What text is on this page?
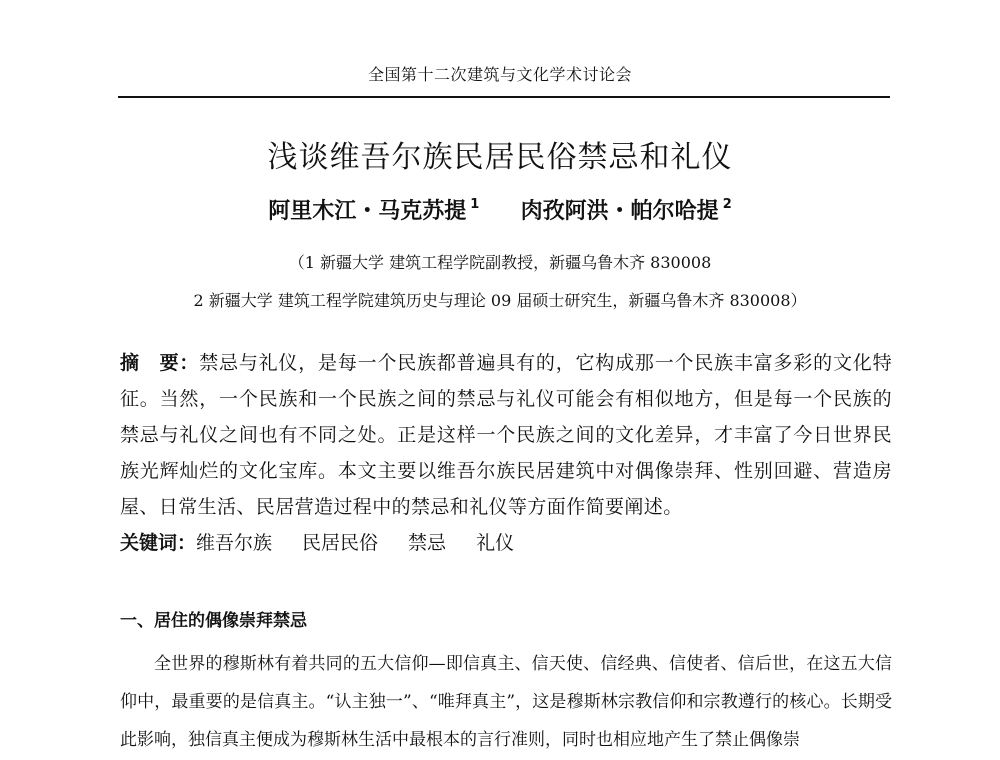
全国第十二次建筑与文化学术讨论会
浅谈维吾尔族民居民俗禁忌和礼仪
阿里木江・马克苏提 $^1$ 肉孜阿洪・帕尔哈提 $^2$
（1 新疆大学 建筑工程学院副教授，新疆乌鲁木齐 830008
2 新疆大学 建筑工程学院建筑历史与理论 09 届硕士研究生，新疆乌鲁木齐 830008）
摘　要：禁忌与礼仪，是每一个民族都普遍具有的，它构成那一个民族丰富多彩的文化特征。当然，一个民族和一个民族之间的禁忌与礼仪可能会有相似地方，但是每一个民族的禁忌与礼仪之间也有不同之处。正是这样一个民族之间的文化差异，才丰富了今日世界民族光辉灿烂的文化宝库。本文主要以维吾尔族民居建筑中对偶像崇拜、性别回避、营造房屋、日常生活、民居营造过程中的禁忌和礼仪等方面作简要阐述。
关键词：维吾尔族 民居民俗 禁忌 礼仪
一、居住的偶像崇拜禁忌
全世界的穆斯林有着共同的五大信仰—即信真主、信天使、信经典、信使者、信后世，在这五大信仰中，最重要的是信真主。“认主独一”、“唯拜真主”，这是穆斯林宗教信仰和宗教遵行的核心。长期受此影响，独信真主便成为穆斯林生活中最根本的言行准则，同时也相应地产生了禁止偶像崇
